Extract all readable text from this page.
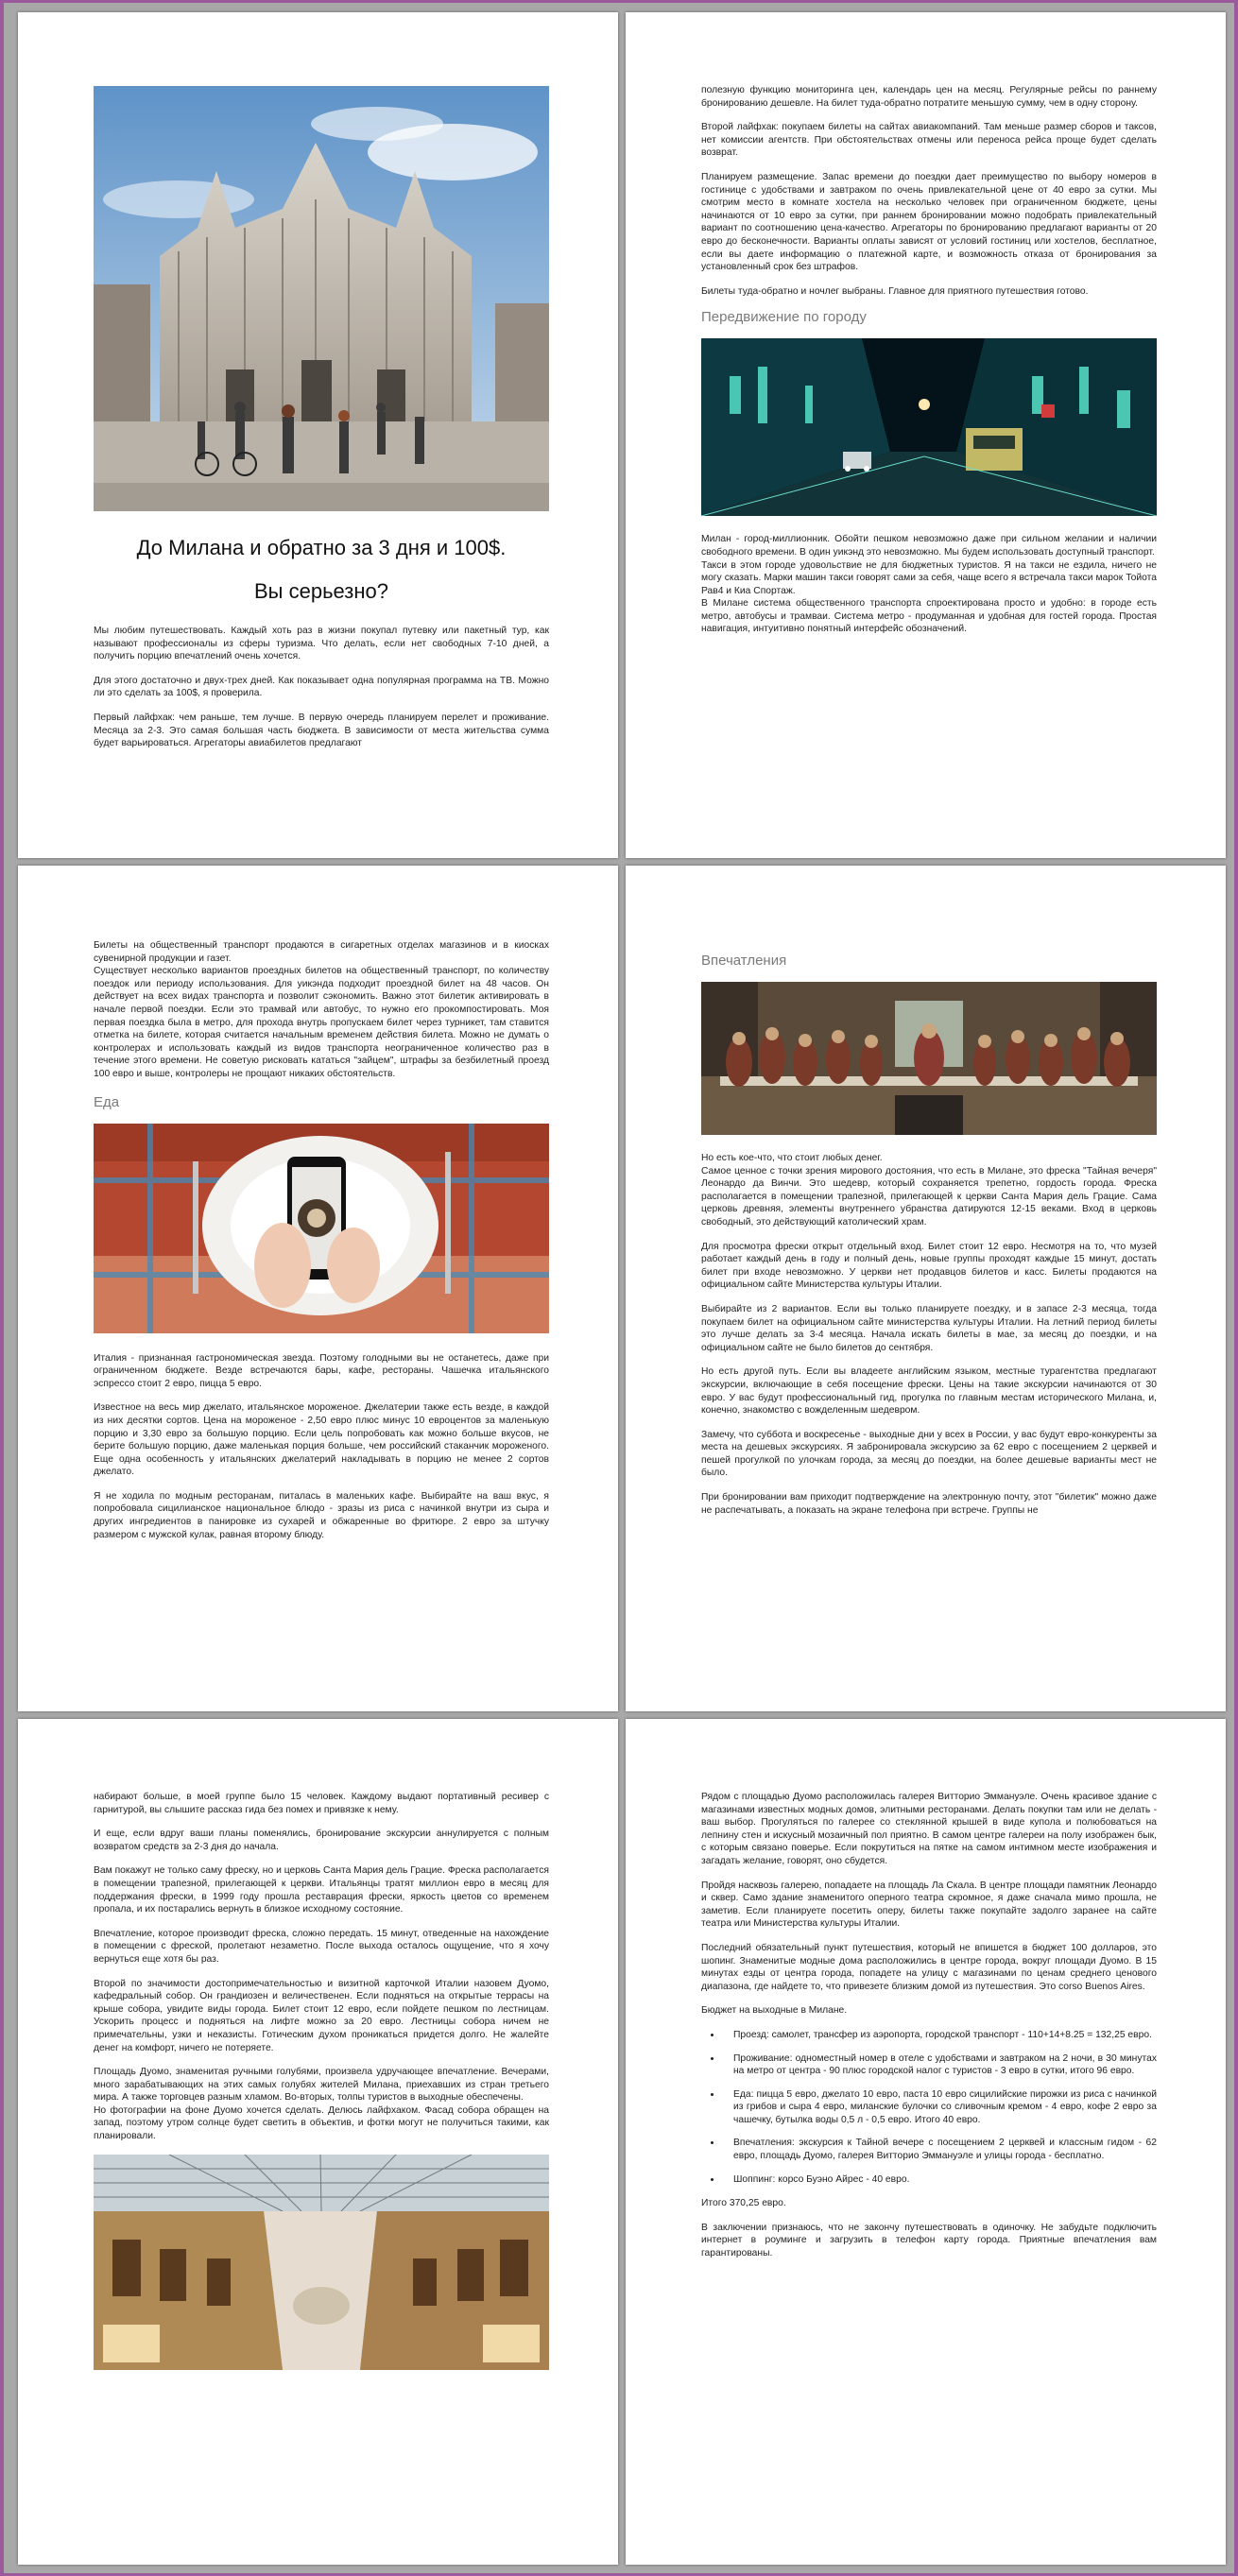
До Милана и обратно за 3 дня и 100$.

Вы серьезно?

Мы любим путешествовать. Каждый хоть раз в жизни покупал путевку или пакетный тур, как называют профессионалы из сферы туризма. Что делать, если нет свободных 7-10 дней, а получить порцию впечатлений очень хочется.

Для этого достаточно и двух-трех дней. Как показывает одна популярная программа на ТВ. Можно ли это сделать за 100$, я проверила.

Первый лайфхак: чем раньше, тем лучше. В первую очередь планируем перелет и проживание. Месяца за 2-3. Это самая большая часть бюджета. В зависимости от места жительства сумма будет варьироваться. Агрегаторы авиабилетов предлагают

полезную функцию мониторинга цен, календарь цен на месяц. Регулярные рейсы по раннему бронированию дешевле. На билет туда-обратно потратите меньшую сумму, чем в одну сторону.

Второй лайфхак: покупаем билеты на сайтах авиакомпаний. Там меньше размер сборов и таксов, нет комиссии агентств. При обстоятельствах отмены или переноса рейса проще будет сделать возврат.

Планируем размещение. Запас времени до поездки дает преимущество по выбору номеров в гостинице с удобствами и завтраком по очень привлекательной цене от 40 евро за сутки. Мы смотрим место в комнате хостела на несколько человек при ограниченном бюджете, цены начинаются от 10 евро за сутки, при раннем бронировании можно подобрать привлекательный вариант по соотношению цена-качество. Агрегаторы по бронированию предлагают варианты от 20 евро до бесконечности. Варианты оплаты зависят от условий гостиниц или хостелов, бесплатное, если вы даете информацию о платежной карте, и возможность отказа от бронирования за установленный срок без штрафов.

Билеты туда-обратно и ночлег выбраны. Главное для приятного путешествия готово.

Передвижение по городу

Милан - город-миллионник. Обойти пешком невозможно даже при сильном желании и наличии свободного времени. В один уикэнд это невозможно. Мы будем использовать доступный транспорт.
Такси в этом городе удовольствие не для бюджетных туристов. Я на такси не ездила, ничего не могу сказать. Марки машин такси говорят сами за себя, чаще всего я встречала такси марок Тойота Рав4 и Киа Спортаж.
В Милане система общественного транспорта спроектирована просто и удобно: в городе есть метро, автобусы и трамваи. Система метро - продуманная и удобная для гостей города. Простая навигация, интуитивно понятный интерфейс обозначений.

Билеты на общественный транспорт продаются в сигаретных отделах магазинов и в киосках сувенирной продукции и газет.
Существует несколько вариантов проездных билетов на общественный транспорт, по количеству поездок или периоду использования. Для уикэнда подходит проездной билет на 48 часов. Он действует на всех видах транспорта и позволит сэкономить. Важно этот билетик активировать в начале первой поездки. Если это трамвай или автобус, то нужно его прокомпостировать. Моя первая поездка была в метро, для прохода внутрь пропускаем билет через турникет, там ставится отметка на билете, которая считается начальным временем действия билета. Можно не думать о контролерах и использовать каждый из видов транспорта неограниченное количество раз в течение этого времени. Не советую рисковать кататься "зайцем", штрафы за безбилетный проезд 100 евро и выше, контролеры не прощают никаких обстоятельств.

Еда

Италия - признанная гастрономическая звезда. Поэтому голодными вы не останетесь, даже при ограниченном бюджете. Везде встречаются бары, кафе, рестораны. Чашечка итальянского эспрессо стоит 2 евро, пицца 5 евро.

Известное на весь мир джелато, итальянское мороженое. Джелатерии также есть везде, в каждой из них десятки сортов. Цена на мороженое - 2,50 евро плюс минус 10 евроцентов за маленькую порцию и 3,30 евро за большую порцию. Если цель попробовать как можно больше вкусов, не берите большую порцию, даже маленькая порция больше, чем российский стаканчик мороженого. Еще одна особенность у итальянских джелатерий накладывать в порцию не менее 2 сортов джелато.

Я не ходила по модным ресторанам, питалась в маленьких кафе. Выбирайте на ваш вкус, я попробовала сицилианское национальное блюдо - зразы из риса с начинкой внутри из сыра и других ингредиентов в панировке из сухарей и обжаренные во фритюре. 2 евро за штучку размером с мужской кулак, равная второму блюду.

Впечатления

Но есть кое-что, что стоит любых денег.
Самое ценное с точки зрения мирового достояния, что есть в Милане, это фреска "Тайная вечеря" Леонардо да Винчи. Это шедевр, который сохраняется трепетно, гордость города. Фреска располагается в помещении трапезной, прилегающей к церкви Санта Мария дель Грацие. Сама церковь древняя, элементы внутреннего убранства датируются 12-15 веками. Вход в церковь свободный, это действующий католический храм.

Для просмотра фрески открыт отдельный вход. Билет стоит 12 евро. Несмотря на то, что музей работает каждый день в году и полный день, новые группы проходят каждые 15 минут, достать билет при входе невозможно. У церкви нет продавцов билетов и касс. Билеты продаются на официальном сайте Министерства культуры Италии.

Выбирайте из 2 вариантов. Если вы только планируете поездку, и в запасе 2-3 месяца, тогда покупаем билет на официальном сайте министерства культуры Италии. На летний период билеты это лучше делать за 3-4 месяца. Начала искать билеты в мае, за месяц до поездки, и на официальном сайте не было билетов до сентября.

Но есть другой путь. Если вы владеете английским языком, местные турагентства предлагают экскурсии, включающие в себя посещение фрески. Цены на такие экскурсии начинаются от 30 евро. У вас будут профессиональный гид, прогулка по главным местам исторического Милана, и, конечно, знакомство с вожделенным шедевром.

Замечу, что суббота и воскресенье - выходные дни у всех в России, у вас будут евро-конкуренты за места на дешевых экскурсиях. Я забронировала экскурсию за 62 евро с посещением 2 церквей и пешей прогулкой по улочкам города, за месяц до поездки, на более дешевые варианты мест не было.

При бронировании вам приходит подтверждение на электронную почту, этот "билетик" можно даже не распечатывать, а показать на экране телефона при встрече. Группы не

набирают больше, в моей группе было 15 человек. Каждому выдают портативный ресивер с гарнитурой, вы слышите рассказ гида без помех и привязке к нему.

И еще, если вдруг ваши планы поменялись, бронирование экскурсии аннулируется с полным возвратом средств за 2-3 дня до начала.

Вам покажут не только саму фреску, но и церковь Санта Мария дель Грацие. Фреска располагается в помещении трапезной, прилегающей к церкви. Итальянцы тратят миллион евро в месяц для поддержания фрески, в 1999 году прошла реставрация фрески, яркость цветов со временем пропала, и их постарались вернуть в близкое исходному состояние.

Впечатление, которое производит фреска, сложно передать. 15 минут, отведенные на нахождение в помещении с фреской, пролетают незаметно. После выхода осталось ощущение, что я хочу вернуться еще хотя бы раз.

Второй по значимости достопримечательностью и визитной карточкой Италии назовем Дуомо, кафедральный собор. Он грандиозен и величественен. Если подняться на открытые террасы на крыше собора, увидите виды города. Билет стоит 12 евро, если пойдете пешком по лестницам. Ускорить процесс и подняться на лифте можно за 20 евро. Лестницы собора ничем не примечательны, узки и неказисты. Готическим духом проникаться придется долго. Не жалейте денег на комфорт, ничего не потеряете.

Площадь Дуомо, знаменитая ручными голубями, произвела удручающее впечатление. Вечерами, много зарабатывающих на этих самых голубях жителей Милана, приехавших из стран третьего мира. А также торговцев разным хламом. Во-вторых, толпы туристов в выходные обеспечены.
Но фотографии на фоне Дуомо хочется сделать. Делюсь лайфхаком. Фасад собора обращен на запад, поэтому утром солнце будет светить в объектив, и фотки могут не получиться такими, как планировали.

Рядом с площадью Дуомо расположилась галерея Витторио Эммануэле. Очень красивое здание с магазинами известных модных домов, элитными ресторанами. Делать покупки там или не делать - ваш выбор. Прогуляться по галерее со стеклянной крышей в виде купола и полюбоваться на лепнину стен и искусный мозаичный пол приятно. В самом центре галереи на полу изображен бык, с которым связано поверье. Если покрутиться на пятке на самом интимном месте изображения и загадать желание, говорят, оно сбудется.

Пройдя насквозь галерею, попадаете на площадь Ла Скала. В центре площади памятник Леонардо и сквер. Само здание знаменитого оперного театра скромное, я даже сначала мимо прошла, не заметив. Если планируете посетить оперу, билеты также покупайте задолго заранее на сайте театра или Министерства культуры Италии.

Последний обязательный пункт путешествия, который не впишется в бюджет 100 долларов, это шопинг. Знаменитые модные дома расположились в центре города, вокруг площади Дуомо. В 15 минутах езды от центра города, попадете на улицу с магазинами по ценам среднего ценового диапазона, где найдете то, что привезете близким домой из путешествия. Это corso Buenos Aires.

Бюджет на выходные в Милане.

• Проезд: самолет, трансфер из аэропорта, городской транспорт - 110+14+8.25 = 132,25 евро.
• Проживание: одноместный номер в отеле с удобствами и завтраком на 2 ночи, в 30 минутах на метро от центра - 90 плюс городской налог с туристов - 3 евро в сутки, итого 96 евро.
• Еда: пицца 5 евро, джелато 10 евро, паста 10 евро сицилийские пирожки из риса с начинкой из грибов и сыра 4 евро, миланские булочки со сливочным кремом - 4 евро, кофе 2 евро за чашечку, бутылка воды 0,5 л - 0,5 евро. Итого 40 евро.
• Впечатления: экскурсия к Тайной вечере с посещением 2 церквей и классным гидом - 62 евро, площадь Дуомо, галерея Витторио Эммануэле и улицы города - бесплатно.
• Шоппинг: корсо Буэно Айрес - 40 евро.

Итого 370,25 евро.

В заключении признаюсь, что не закончу путешествовать в одиночку. Не забудьте подключить интернет в роуминге и загрузить в телефон карту города. Приятные впечатления вам гарантированы.
